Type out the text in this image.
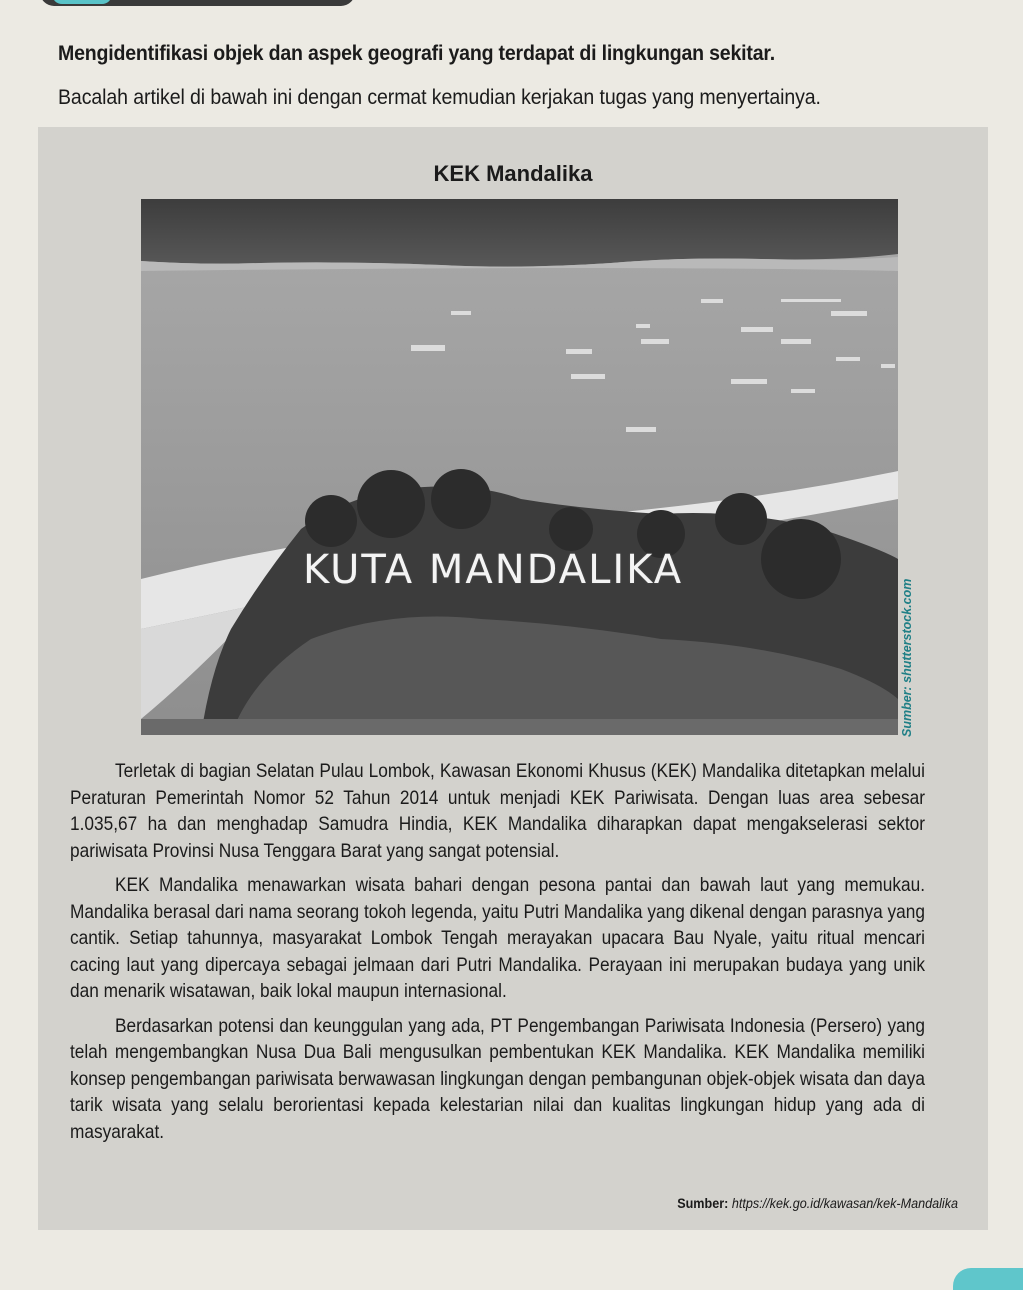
Mengidentifikasi objek dan aspek geografi yang terdapat di lingkungan sekitar.
Bacalah artikel di bawah ini dengan cermat kemudian kerjakan tugas yang menyertainya.
KEK Mandalika
KUTA MANDALIKA
Sumber: shutterstock.com

Terletak di bagian Selatan Pulau Lombok, Kawasan Ekonomi Khusus (KEK) Mandalika ditetapkan melalui Peraturan Pemerintah Nomor 52 Tahun 2014 untuk menjadi KEK Pariwisata. Dengan luas area sebesar 1.035,67 ha dan menghadap Samudra Hindia, KEK Mandalika diharapkan dapat mengakselerasi sektor pariwisata Provinsi Nusa Tenggara Barat yang sangat potensial.

KEK Mandalika menawarkan wisata bahari dengan pesona pantai dan bawah laut yang memukau. Mandalika berasal dari nama seorang tokoh legenda, yaitu Putri Mandalika yang dikenal dengan parasnya yang cantik. Setiap tahunnya, masyarakat Lombok Tengah merayakan upacara Bau Nyale, yaitu ritual mencari cacing laut yang dipercaya sebagai jelmaan dari Putri Mandalika. Perayaan ini merupakan budaya yang unik dan menarik wisatawan, baik lokal maupun internasional.

Berdasarkan potensi dan keunggulan yang ada, PT Pengembangan Pariwisata Indonesia (Persero) yang telah mengembangkan Nusa Dua Bali mengusulkan pembentukan KEK Mandalika. KEK Mandalika memiliki konsep pengembangan pariwisata berwawasan lingkungan dengan pembangunan objek-objek wisata dan daya tarik wisata yang selalu berorientasi kepada kelestarian nilai dan kualitas lingkungan hidup yang ada di masyarakat.

Sumber: https://kek.go.id/kawasan/kek-Mandalika
